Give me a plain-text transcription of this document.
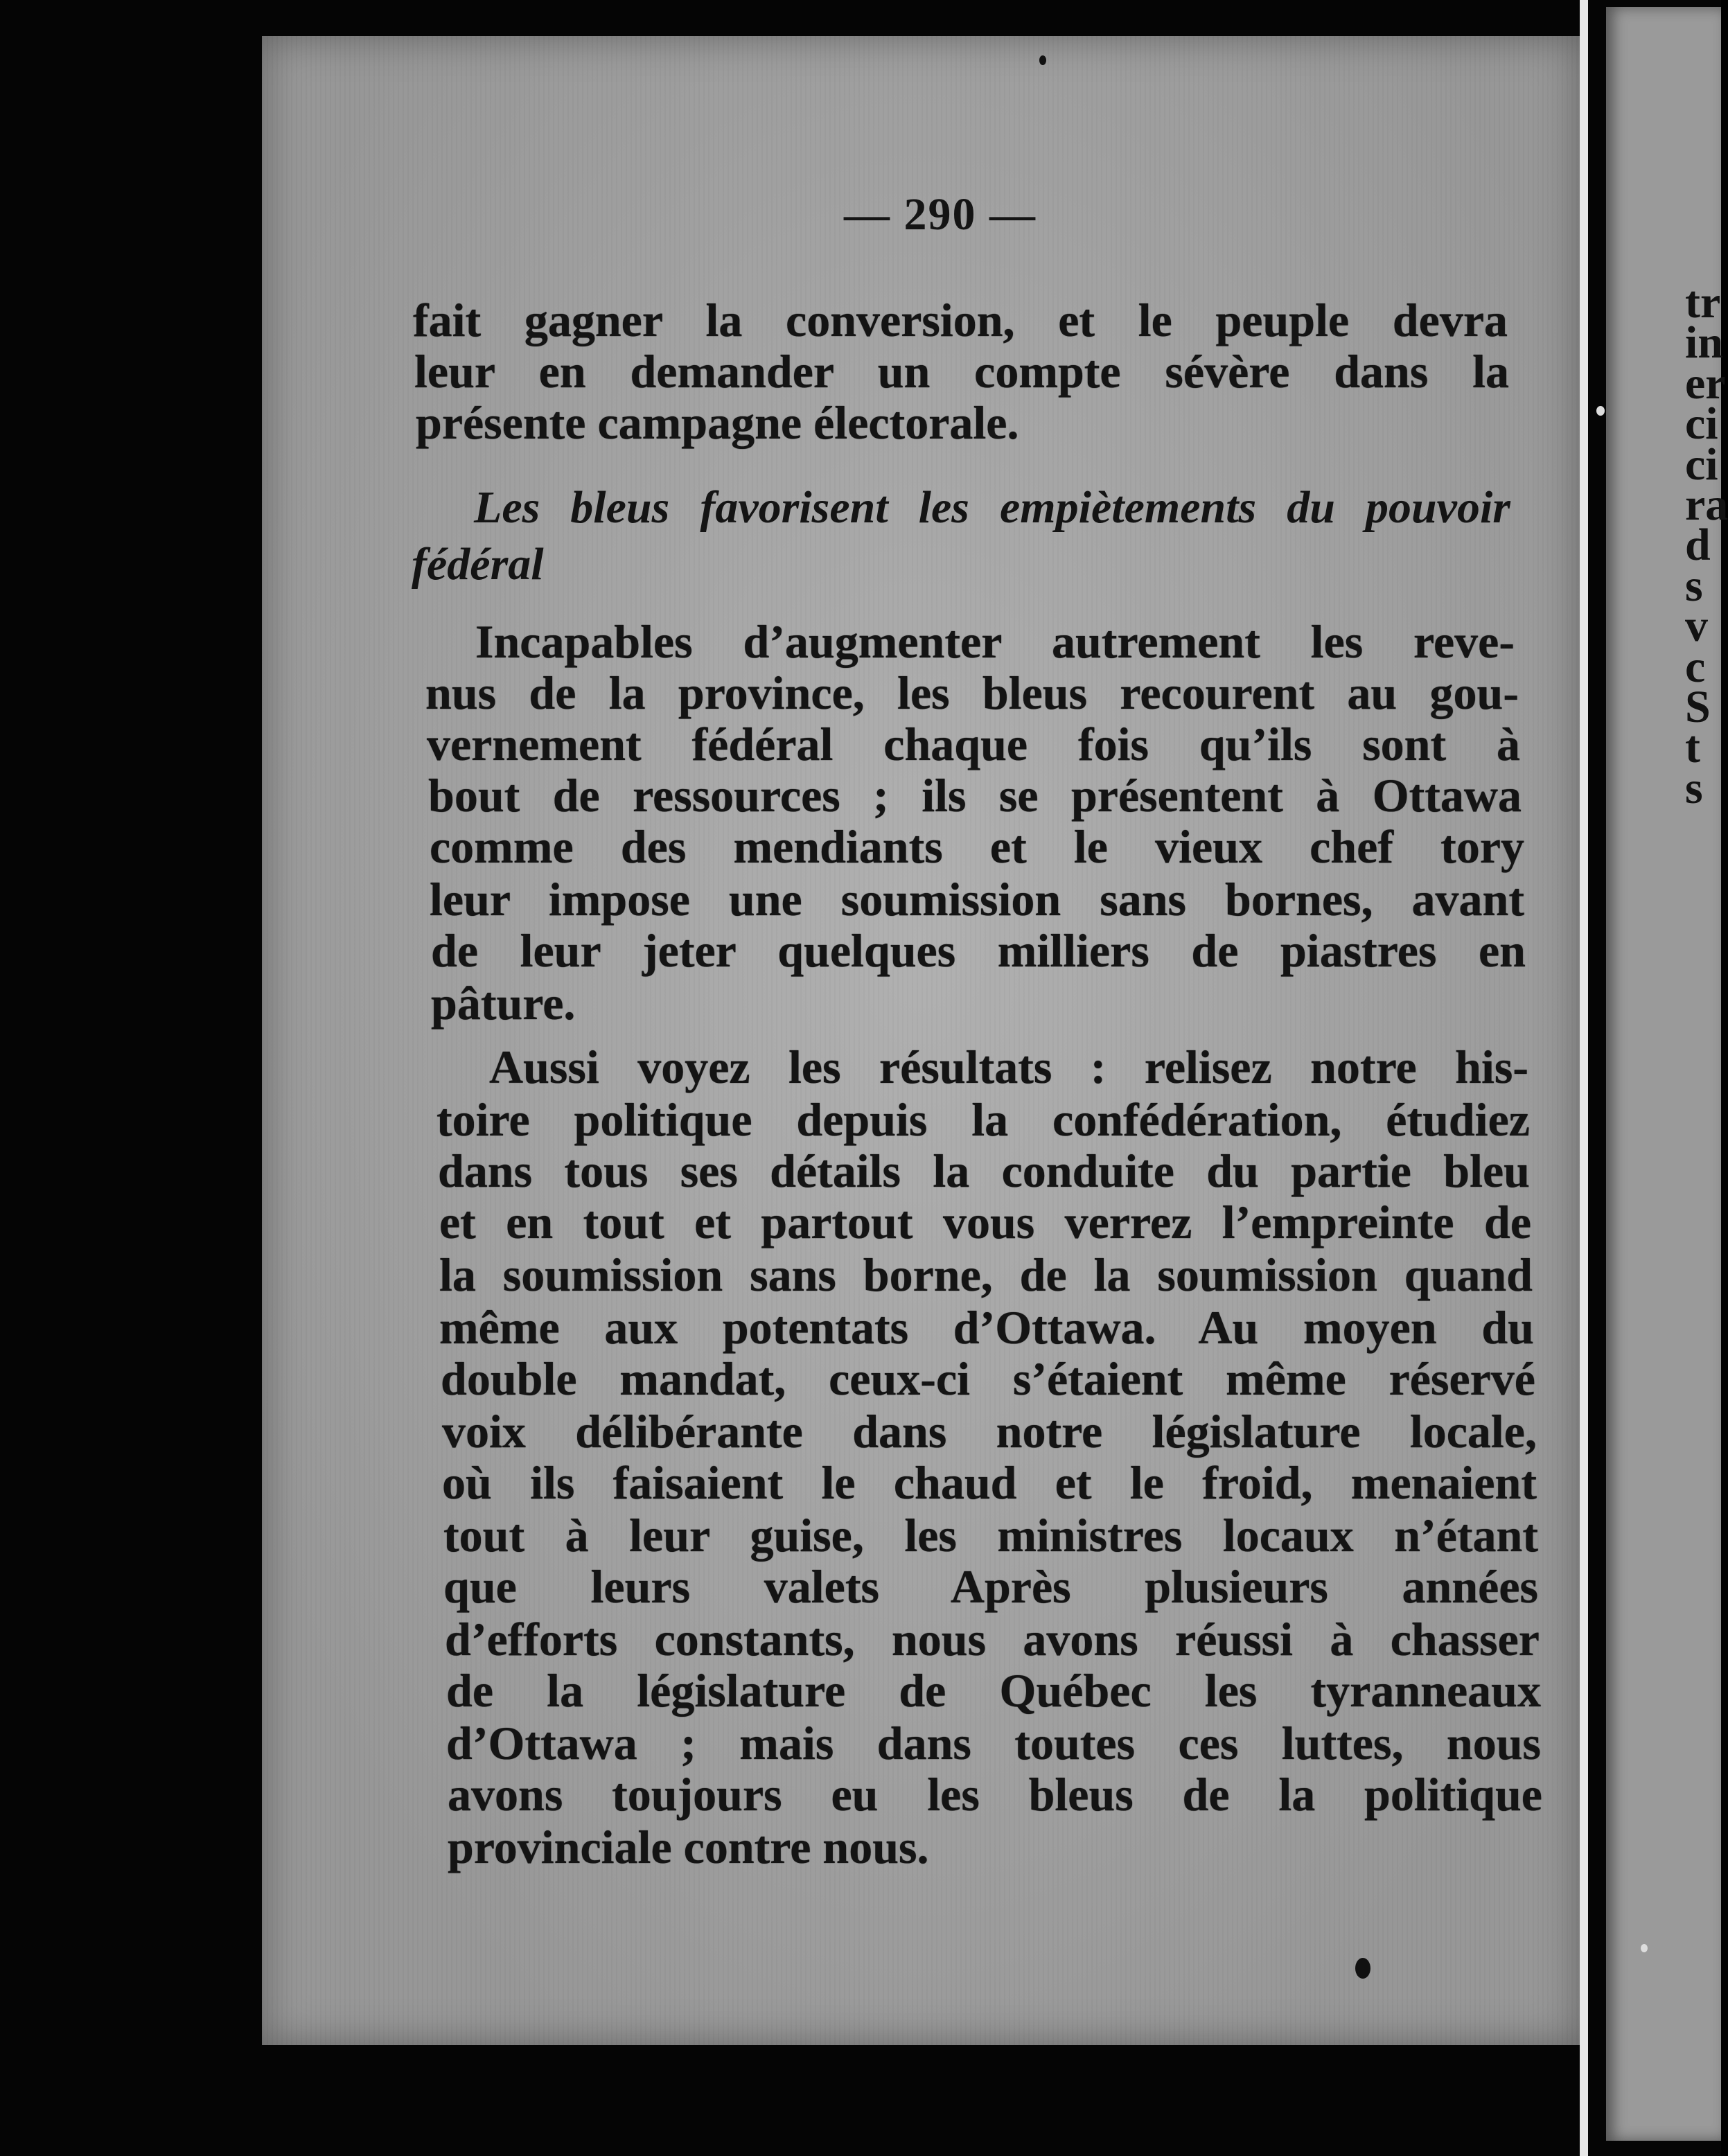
— 290 —
fait gagner la conversion, et le peuple devra
leur en demander un compte sévère dans la
présente campagne électorale.
Les bleus favorisent les empiètements du pouvoir
fédéral
Incapables d’augmenter autrement les reve-
nus de la province, les bleus recourent au gou-
vernement fédéral chaque fois qu’ils sont à
bout de ressources ; ils se présentent à Ottawa
comme des mendiants et le vieux chef tory
leur impose une soumission sans bornes, avant
de leur jeter quelques milliers de piastres en
pâture.
Aussi voyez les résultats : relisez notre his-
toire politique depuis la confédération, étudiez
dans tous ses détails la conduite du partie bleu
et en tout et partout vous verrez l’empreinte de
la soumission sans borne, de la soumission quand
même aux potentats d’Ottawa. Au moyen du
double mandat, ceux-ci s’étaient même réservé
voix délibérante dans notre législature locale,
où ils faisaient le chaud et le froid, menaient
tout à leur guise, les ministres locaux n’étant
que leurs valets Après plusieurs années
d’efforts constants, nous avons réussi à chasser
de la législature de Québec les tyranneaux
d’Ottawa ; mais dans toutes ces luttes, nous
avons toujours eu les bleus de la politique
provinciale contre nous.
tr
in
er
ci
ci
ra
d
s
v
c
S
t
s
